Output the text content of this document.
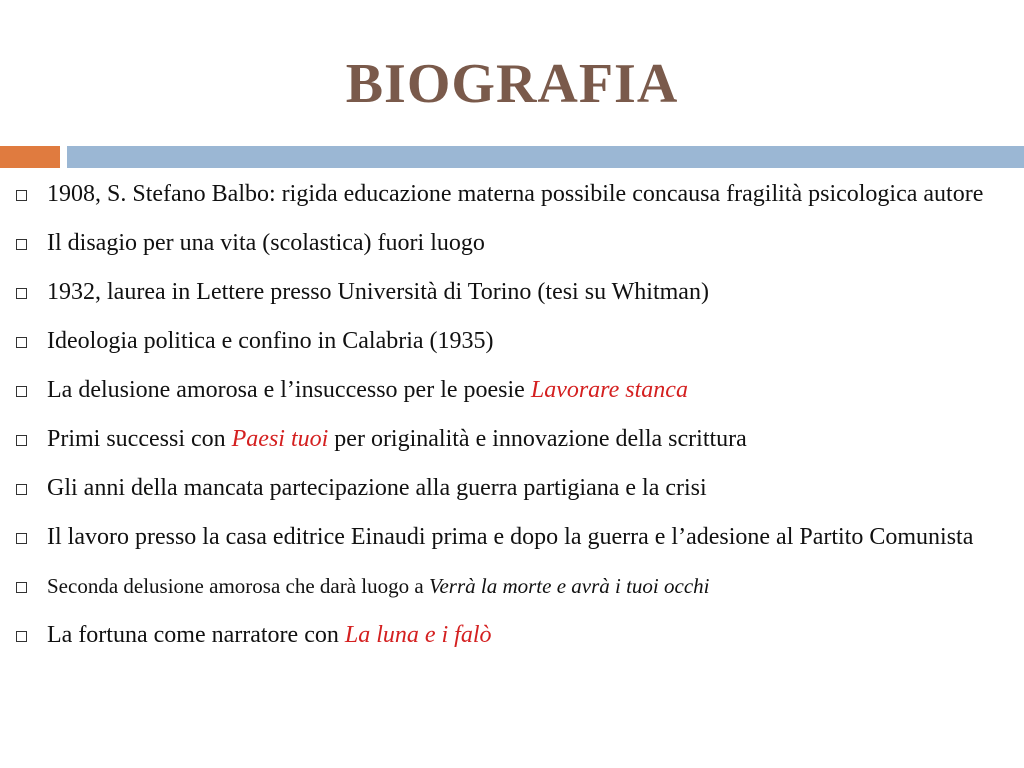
BIOGRAFIA
1908, S. Stefano Balbo: rigida educazione materna possibile concausa fragilità psicologica autore
Il disagio per una vita (scolastica) fuori luogo
1932, laurea in Lettere presso Università di Torino (tesi su Whitman)
Ideologia politica e confino in Calabria (1935)
La delusione amorosa e l’insuccesso per le poesie Lavorare stanca
Primi successi con Paesi tuoi per originalità e innovazione della scrittura
Gli anni della mancata partecipazione alla guerra partigiana e la crisi
Il lavoro presso la casa editrice Einaudi prima e dopo la guerra e l’adesione al Partito Comunista
Seconda delusione amorosa che darà luogo a Verrà la morte e avrà i tuoi occhi
La fortuna come narratore con La luna e i falò
